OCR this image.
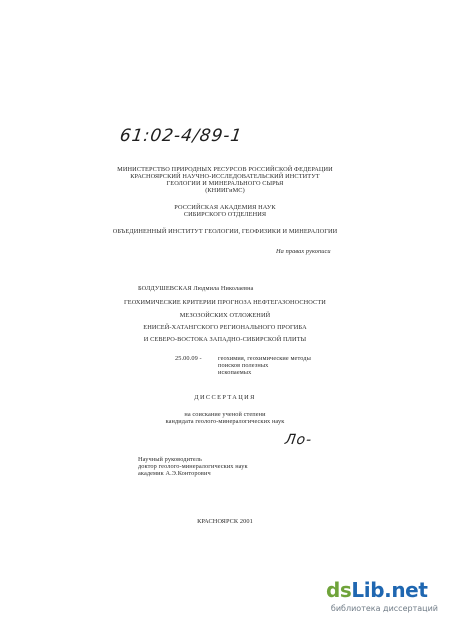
61:02-4/89-1
МИНИСТЕРСТВО ПРИРОДНЫХ РЕСУРСОВ РОССИЙСКОЙ ФЕДЕРАЦИИ
КРАСНОЯРСКИЙ НАУЧНО-ИССЛЕДОВАТЕЛЬСКИЙ ИНСТИТУТ
ГЕОЛОГИИ И МИНЕРАЛЬНОГО СЫРЬЯ
(КНИИГиМС)
РОССИЙСКАЯ АКАДЕМИЯ НАУК
СИБИРСКОГО ОТДЕЛЕНИЯ
ОБЪЕДИНЕННЫЙ ИНСТИТУТ ГЕОЛОГИИ, ГЕОФИЗИКИ И МИНЕРАЛОГИИ
На правах рукописи
БОЛДУШЕВСКАЯ Людмила Николаевна
ГЕОХИМИЧЕСКИЕ КРИТЕРИИ ПРОГНОЗА НЕФТЕГАЗОНОСНОСТИ
МЕЗОЗОЙСКИХ ОТЛОЖЕНИЙ
ЕНИСЕЙ-ХАТАНГСКОГО РЕГИОНАЛЬНОГО ПРОГИБА
И СЕВЕРО-ВОСТОКА ЗАПАДНО-СИБИРСКОЙ ПЛИТЫ
25.00.09 -	геохимия, геохимические методы
поисков полезных
ископаемых
ДИССЕРТАЦИЯ
на соискание ученой степени
кандидата геолого-минералогических наук
Ло-
Научный руководитель
доктор геолого-минералогических наук
академик А.Э.Конторович
КРАСНОЯРСК 2001
dsLib.net
библиотека диссертаций
